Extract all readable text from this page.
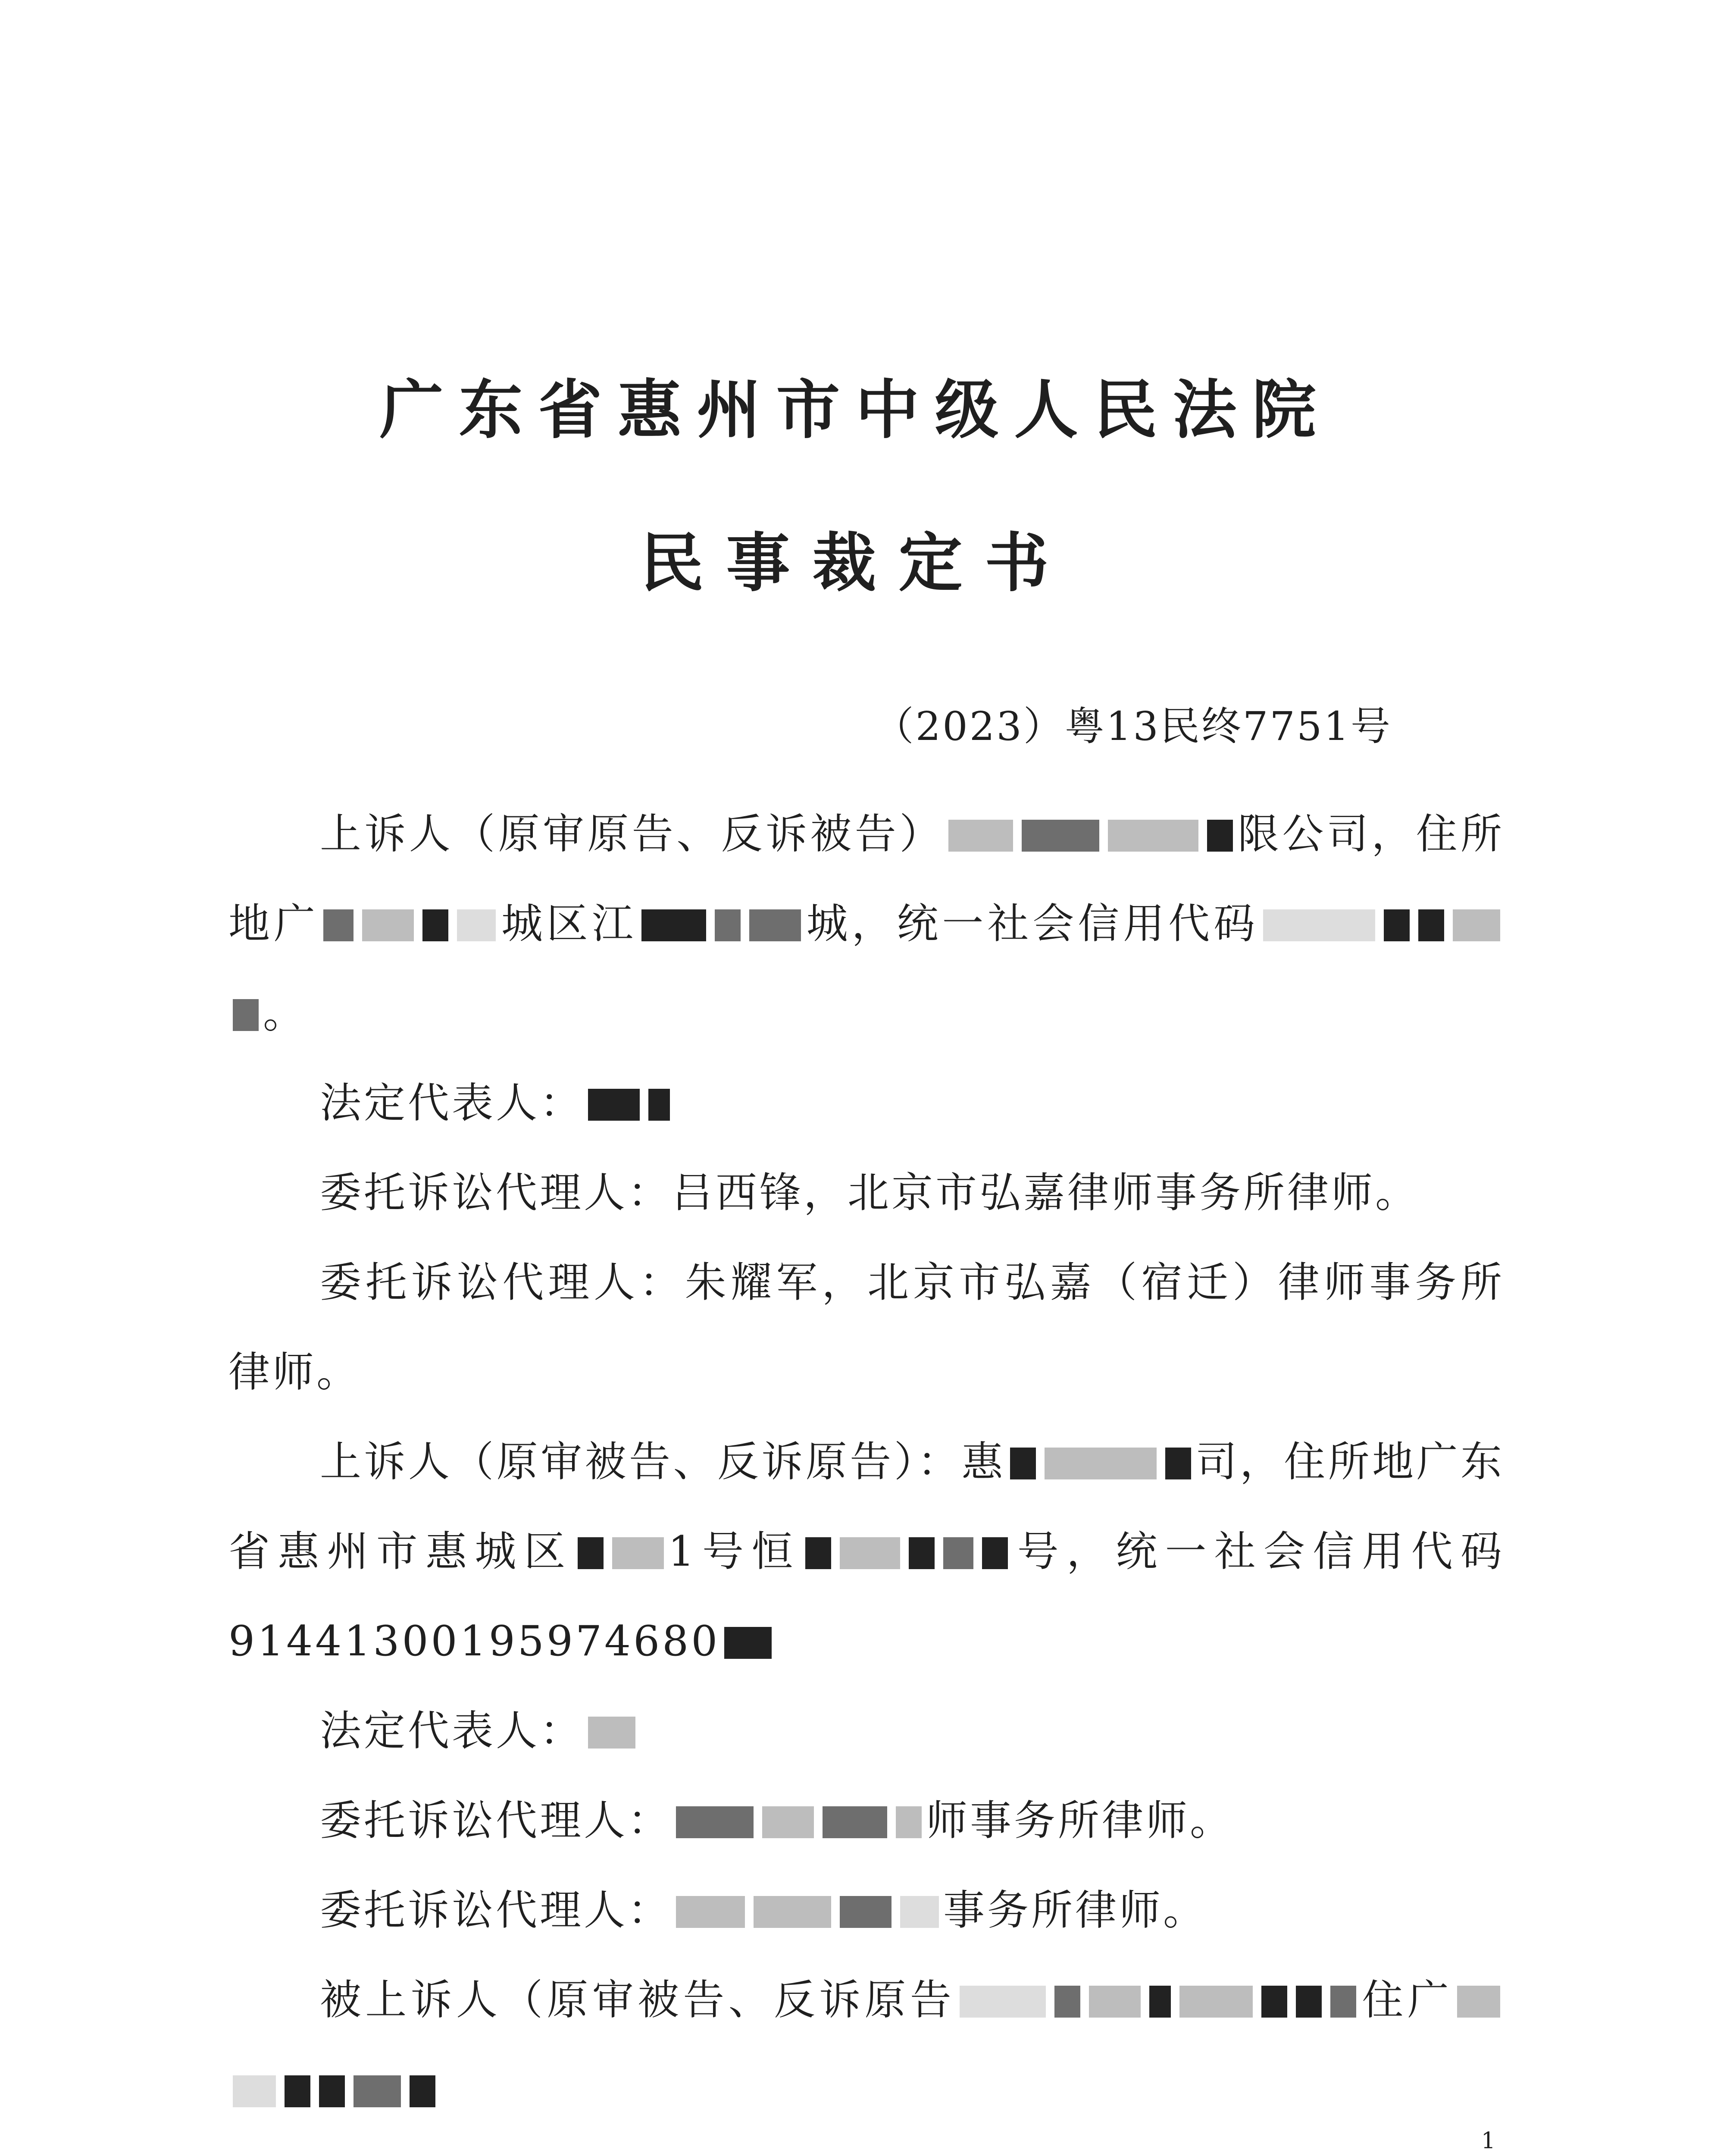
广东省惠州市中级人民法院
民事裁定书
（2023）粤13民终7751号

上诉人（原审原告、反诉被告）	限公司，住所地广	城区江	城，统一社会信用代码。

法定代表人：

委托诉讼代理人：吕西锋，北京市弘嘉律师事务所律师。

委托诉讼代理人：朱耀军，北京市弘嘉（宿迁）律师事务所律师。

上诉人（原审被告、反诉原告）：惠	司，住所地广东省惠州市惠城区 1号恒	号，统一社会信用代码91441300195974680

法定代表人：

委托诉讼代理人：	师事务所律师。

委托诉讼代理人：	事务所律师。

被上诉人（原审被告、反诉原告	住广

1
